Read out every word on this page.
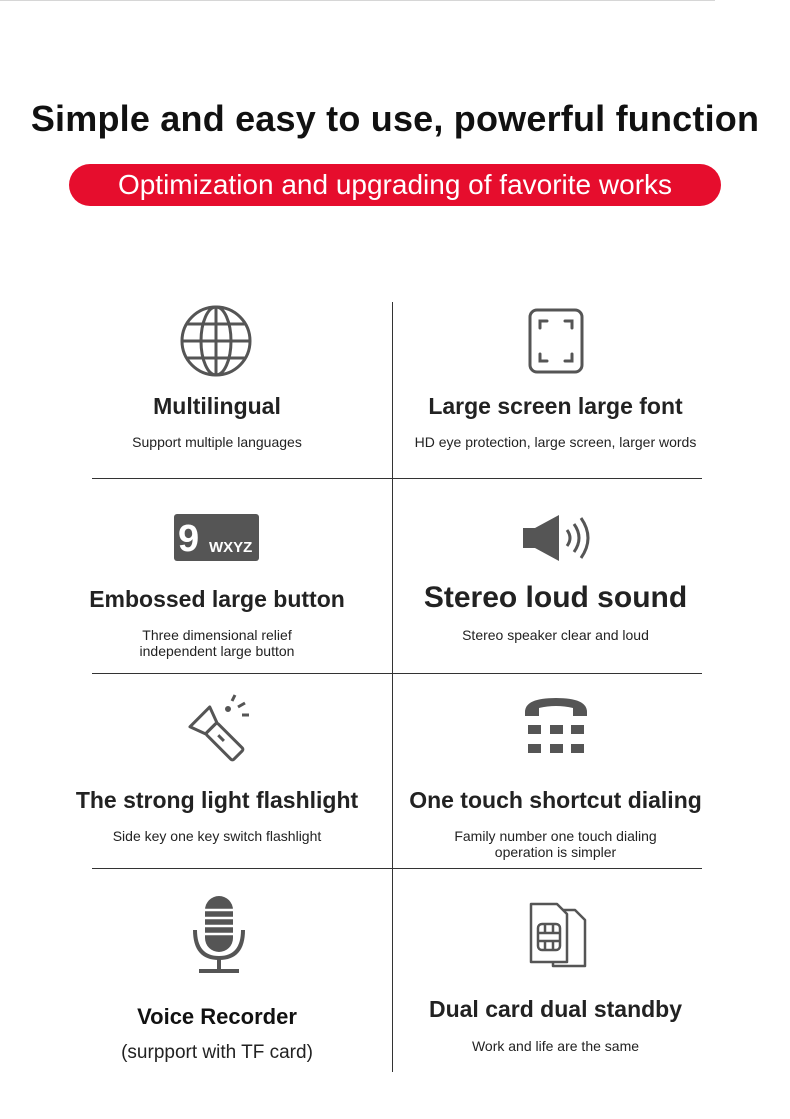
Simple and easy to use, powerful function
Optimization and upgrading of favorite works
Multilingual
Support multiple languages
Large screen large font
HD eye protection, large screen, larger words
9 WXYZ
Embossed large button
Three dimensional relief
independent large button
Stereo loud sound
Stereo speaker clear and loud
The strong light flashlight
Side key one key switch flashlight
One touch shortcut dialing
Family number one touch dialing
operation is simpler
Voice Recorder
(surpport with TF card)
Dual card dual standby
Work and life are the same
